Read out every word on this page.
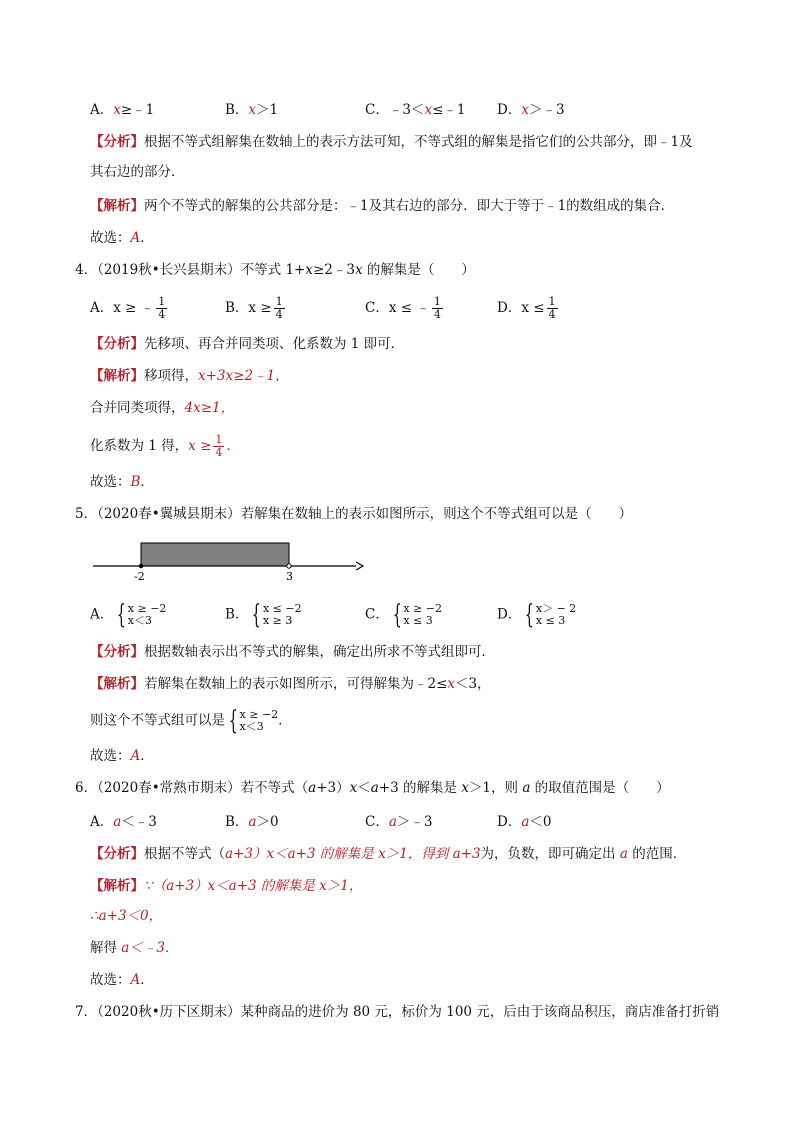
A．x≥﹣1	B．x＞1	C．﹣3＜x≤﹣1 D．x＞﹣3
【分析】根据不等式组解集在数轴上的表示方法可知，不等式组的解集是指它们的公共部分，即﹣1及
其右边的部分．
【解析】两个不等式的解集的公共部分是：﹣1及其右边的部分．即大于等于﹣1的数组成的集合．
故选：A．
4．（2019秋•长兴县期末）不等式 1+x≥2﹣3x 的解集是（　　）
A．x ≥ ﹣ $\frac{1}{4}$	B．$x \ge \frac{1}{4}$	C．x ≤ ﹣ $\frac{1}{4}$	D．$x \le \frac{1}{4}$
【分析】先移项、再合并同类项、化系数为 1 即可．
【解析】移项得，x+3x≥2﹣1，
合并同类项得，4x≥1，
化系数为 1 得，$x \ge \frac{1}{4}$ ．
故选：B．
5．（2020春•翼城县期末）若解集在数轴上的表示如图所示，则这个不等式组可以是（　　）
-2	3
A． { x ≥ −2
x＜3	B． { x ≤ −2
x ≥ 3	C． { x ≥ −2
x ≤ 3	D． { x＞ − 2
x ≤ 3
【分析】根据数轴表示出不等式的解集，确定出所求不等式组即可．
【解析】若解集在数轴上的表示如图所示，可得解集为﹣2≤x＜3，
则这个不等式组可以是 { x ≥ −2
x＜3	．
故选：A．
6．（2020春•常熟市期末）若不等式（a+3）x＜a+3 的解集是 x＞1，则 a 的取值范围是（　　）
A．a＜﹣3	B．a＞0	C．a＞﹣3	D．a＜0
【分析】根据不等式（a+3）x＜a+3 的解集是 x＞1，得到 a+3为，负数，即可确定出 a 的范围．
【解析】∵（a+3）x＜a+3 的解集是 x＞1，
∴a+3＜0，
解得 a＜﹣3．
故选：A．
7．（2020秋•历下区期末）某种商品的进价为 80 元，标价为 100 元，后由于该商品积压，商店准备打折销
